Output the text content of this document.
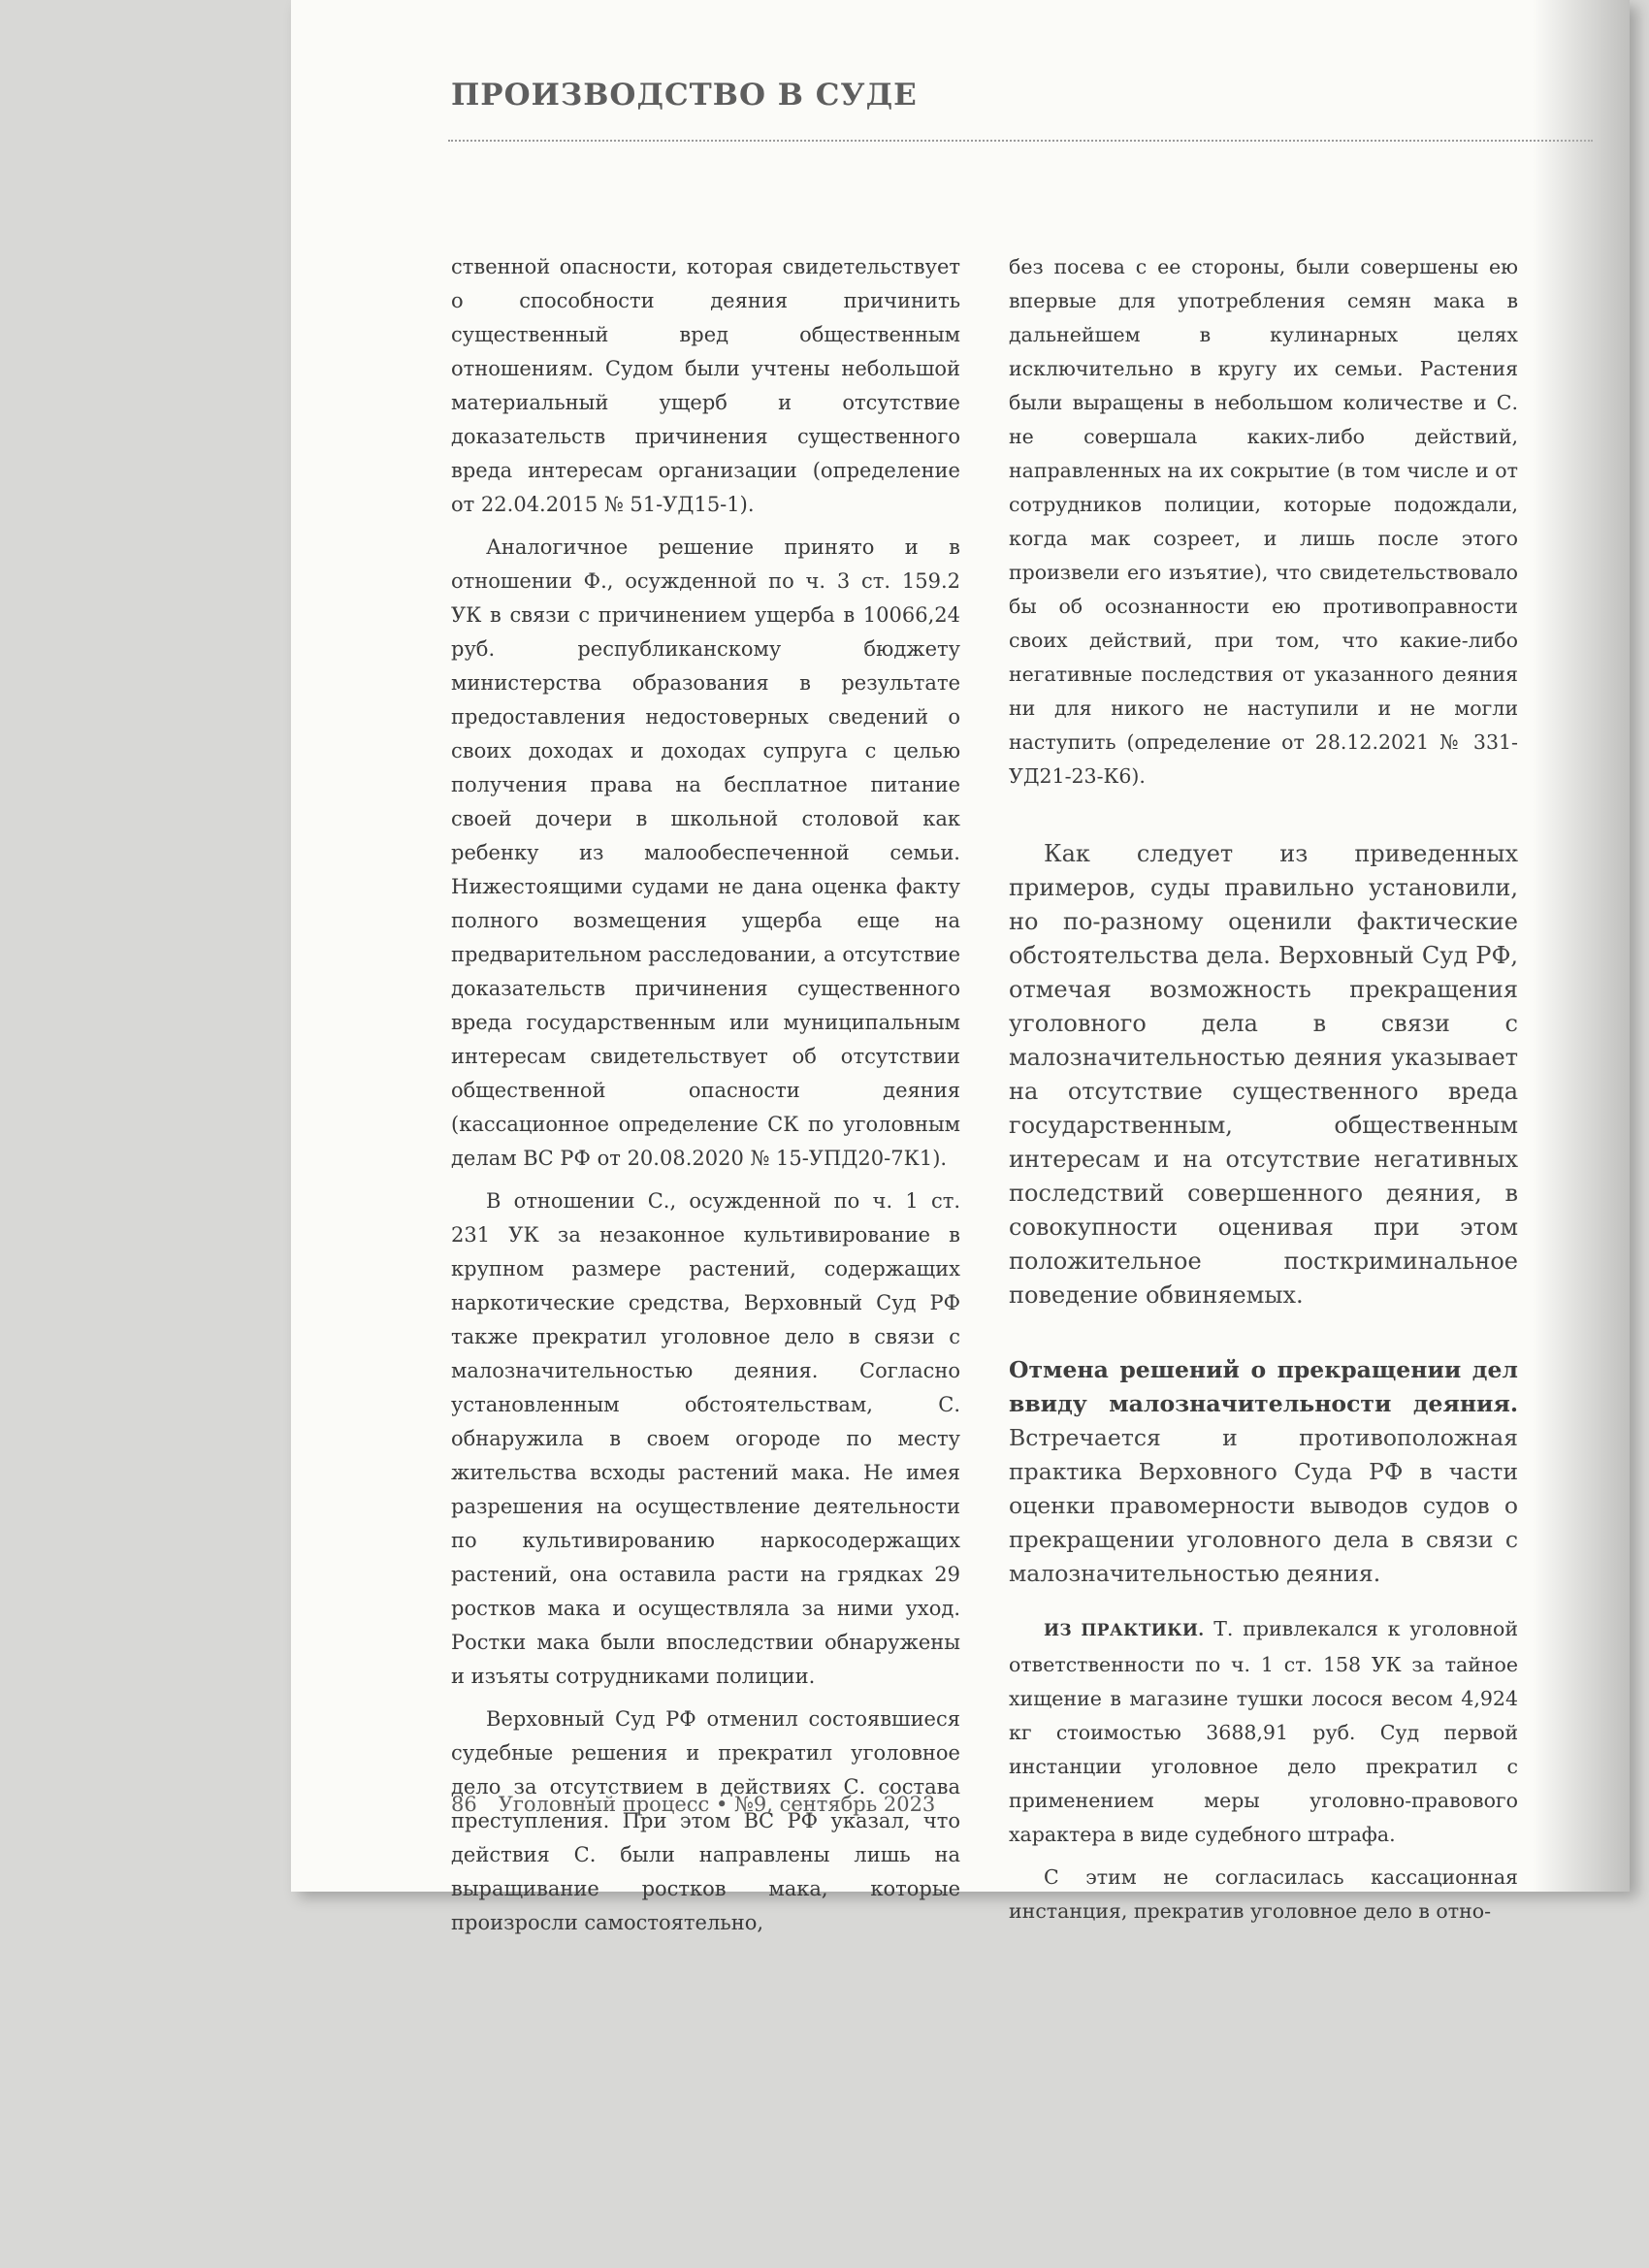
ПРОИЗВОДСТВО В СУДЕ

ственной опасности, которая свидетельствует о способности деяния причинить существенный вред общественным отношениям. Судом были учтены небольшой материальный ущерб и отсутствие доказательств причинения существенного вреда интересам организации (определение от 22.04.2015 № 51-УД15-1).

Аналогичное решение принято и в отношении Ф., осужденной по ч. 3 ст. 159.2 УК в связи с причинением ущерба в 10066,24 руб. республиканскому бюджету министерства образования в результате предоставления недостоверных сведений о своих доходах и доходах супруга с целью получения права на бесплатное питание своей дочери в школьной столовой как ребенку из малообеспеченной семьи. Нижестоящими судами не дана оценка факту полного возмещения ущерба еще на предварительном расследовании, а отсутствие доказательств причинения существенного вреда государственным или муниципальным интересам свидетельствует об отсутствии общественной опасности деяния (кассационное определение СК по уголовным делам ВС РФ от 20.08.2020 № 15-УПД20-7К1).

В отношении С., осужденной по ч. 1 ст. 231 УК за незаконное культивирование в крупном размере растений, содержащих наркотические средства, Верховный Суд РФ также прекратил уголовное дело в связи с малозначительностью деяния. Согласно установленным обстоятельствам, С. обнаружила в своем огороде по месту жительства всходы растений мака. Не имея разрешения на осуществление деятельности по культивированию наркосодержащих растений, она оставила расти на грядках 29 ростков мака и осуществляла за ними уход. Ростки мака были впоследствии обнаружены и изъяты сотрудниками полиции.

Верховный Суд РФ отменил состоявшиеся судебные решения и прекратил уголовное дело за отсутствием в действиях С. состава преступления. При этом ВС РФ указал, что действия С. были направлены лишь на выращивание ростков мака, которые произросли самостоятельно,

без посева с ее стороны, были совершены ею впервые для употребления семян мака в дальнейшем в кулинарных целях исключительно в кругу их семьи. Растения были выращены в небольшом количестве и С. не совершала каких-либо действий, направленных на их сокрытие (в том числе и от сотрудников полиции, которые подождали, когда мак созреет, и лишь после этого произвели его изъятие), что свидетельствовало бы об осознанности ею противоправности своих действий, при том, что какие-либо негативные последствия от указанного деяния ни для никого не наступили и не могли наступить (определение от 28.12.2021 № 331-УД21-23-К6).

Как следует из приведенных примеров, суды правильно установили, но по-разному оценили фактические обстоятельства дела. Верховный Суд РФ, отмечая возможность прекращения уголовного дела в связи с малозначительностью деяния указывает на отсутствие существенного вреда государственным, общественным интересам и на отсутствие негативных последствий совершенного деяния, в совокупности оценивая при этом положительное посткриминальное поведение обвиняемых.

Отмена решений о прекращении дел ввиду малозначительности деяния. Встречается и противоположная практика Верховного Суда РФ в части оценки правомерности выводов судов о прекращении уголовного дела в связи с малозначительностью деяния.

ИЗ ПРАКТИКИ. Т. привлекался к уголовной ответственности по ч. 1 ст. 158 УК за тайное хищение в магазине тушки лосося весом 4,924 кг стоимостью 3688,91 руб. Суд первой инстанции уголовное дело прекратил с применением меры уголовно-правового характера в виде судебного штрафа.

С этим не согласилась кассационная инстанция, прекратив уголовное дело в отно-

86 Уголовный процесс • №9, сентябрь 2023
